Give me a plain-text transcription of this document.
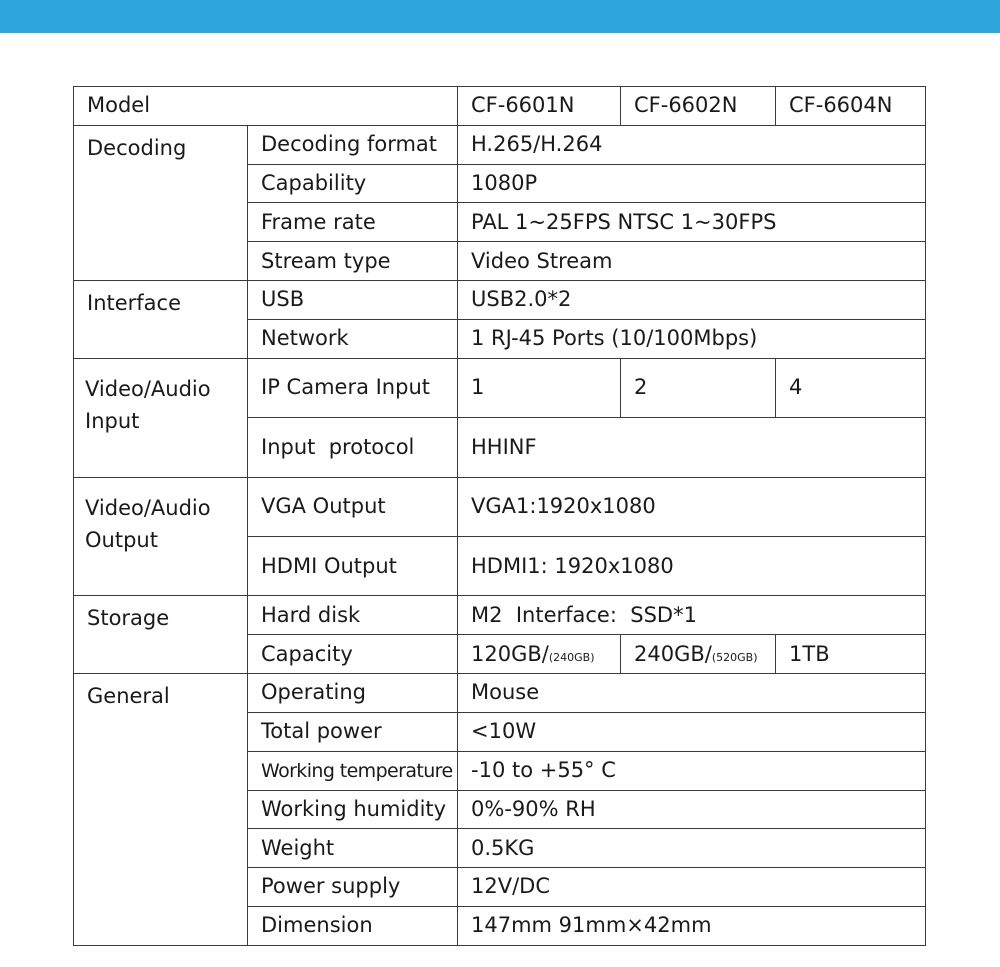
Model		CF-6601N	CF-6602N	CF-6604N
Decoding	Decoding format	H.265/H.264		
	Capability	1080P		
	Frame rate	PAL 1~25FPS NTSC 1~30FPS		
	Stream type	Video Stream		
Interface	USB	USB2.0*2		
	Network	1 RJ-45 Ports (10/100Mbps)		
Video/Audio Input	IP Camera Input	1	2	4
	Input  protocol	HHINF		
Video/Audio Output	VGA Output	VGA1:1920x1080		
	HDMI Output	HDMI1: 1920x1080		
Storage	Hard disk	M2  Interface:  SSD*1		
	Capacity	120GB/(240GB)	240GB/(520GB)	1TB
General	Operating	Mouse		
	Total power	<10W		
	Working temperature	-10 to +55° C		
	Working humidity	0%-90% RH		
	Weight	0.5KG		
	Power supply	12V/DC		
	Dimension	147mm 91mm×42mm		
